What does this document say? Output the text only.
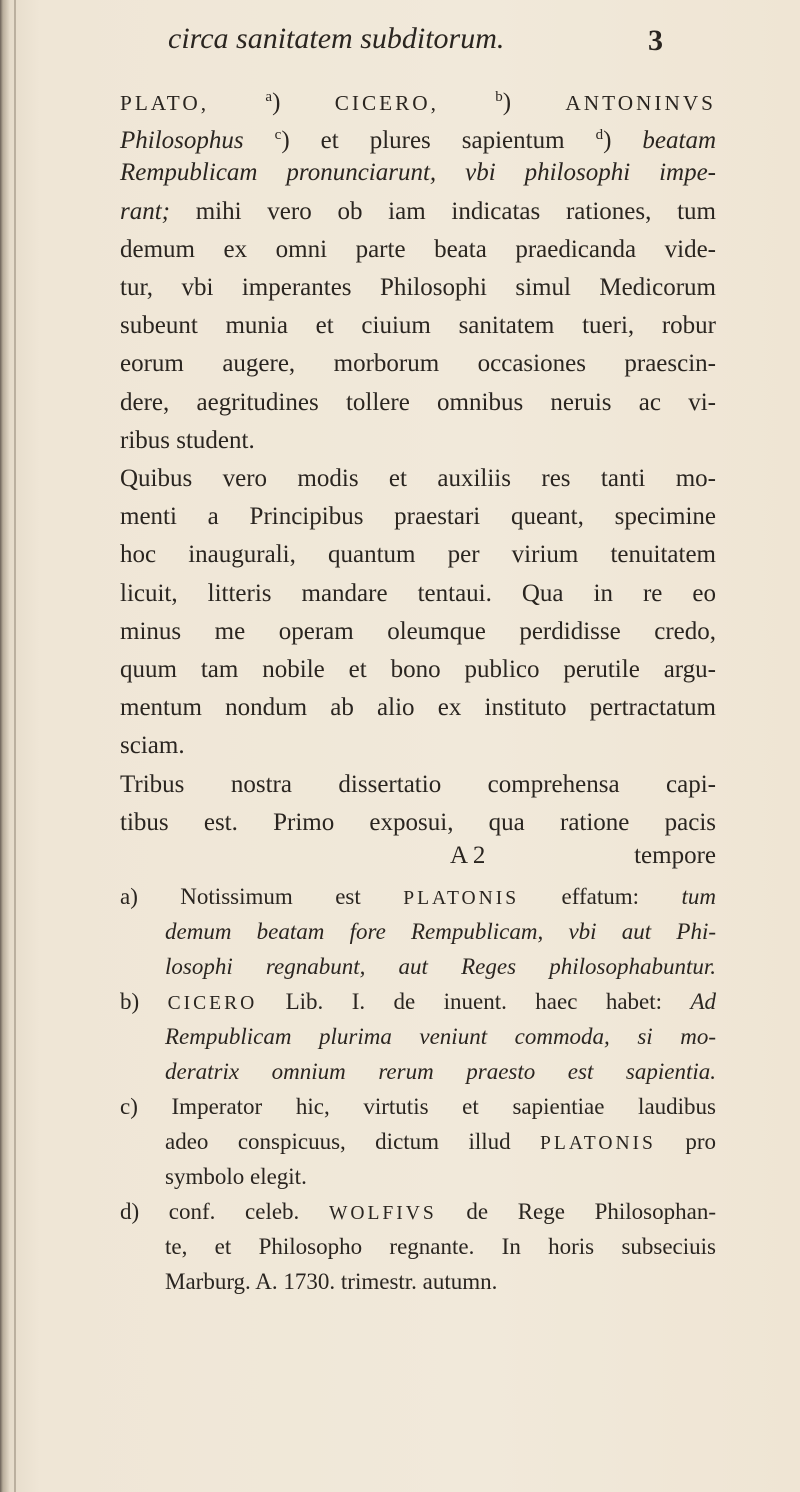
circa sanitatem subditorum.	3
PLATO, $^a$) CICERO, $^b$) ANTONINVS
Philosophus $^c$) et plures sapientum $^d$) beatam
Rempublicam pronunciarunt, vbi philosophi impe-
rant; mihi vero ob iam indicatas rationes, tum
demum ex omni parte beata praedicanda vide-
tur, vbi imperantes Philosophi simul Medicorum
subeunt munia et ciuium sanitatem tueri, robur
eorum augere, morborum occasiones praescin-
dere, aegritudines tollere omnibus neruis ac vi-
ribus student.
Quibus vero modis et auxiliis res tanti mo-
menti a Principibus praestari queant, specimine
hoc inaugurali, quantum per virium tenuitatem
licuit, litteris mandare tentaui. Qua in re eo
minus me operam oleumque perdidisse credo,
quum tam nobile et bono publico perutile argu-
mentum nondum ab alio ex instituto pertractatum
sciam.
Tribus nostra dissertatio comprehensa capi-
tibus est. Primo exposui, qua ratione pacis
A 2	tempore
a) Notissimum est PLATONIS effatum: tum
demum beatam fore Rempublicam, vbi aut Phi-
losophi regnabunt, aut Reges philosophabuntur.
b) CICERO Lib. I. de inuent. haec habet: Ad
Rempublicam plurima veniunt commoda, si mo-
deratrix omnium rerum praesto est sapientia.
c) Imperator hic, virtutis et sapientiae laudibus
adeo conspicuus, dictum illud PLATONIS pro
symbolo elegit.
d) conf. celeb. WOLFIVS de Rege Philosophan-
te, et Philosopho regnante. In horis subseciuis
Marburg. A. 1730. trimestr. autumn.
